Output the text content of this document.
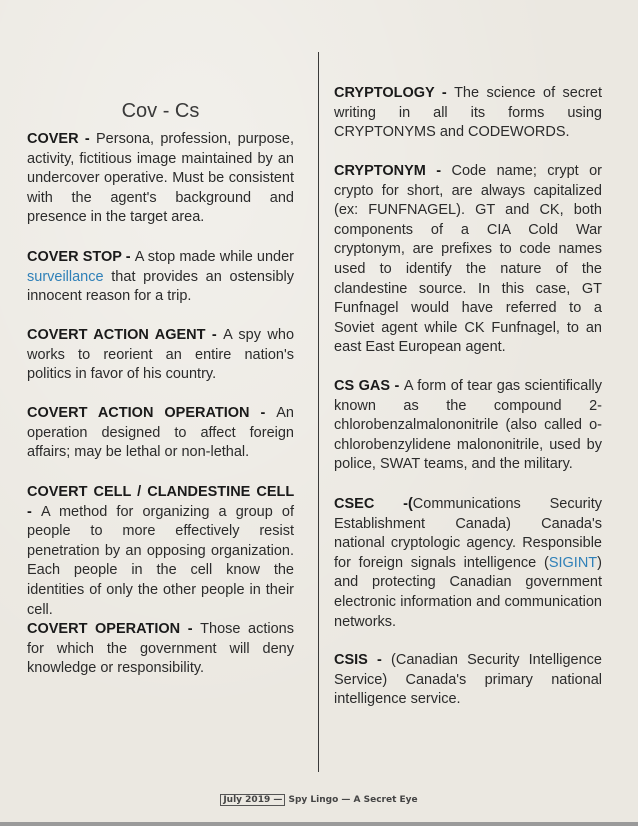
Cov - Cs

COVER - Persona, profession, purpose, activity, fictitious image maintained by an undercover operative. Must be consistent with the agent's background and presence in the target area.

COVER STOP - A stop made while under surveillance that provides an ostensibly innocent reason for a trip.

COVERT ACTION AGENT - A spy who works to reorient an entire nation's politics in favor of his country.

COVERT ACTION OPERATION - An operation designed to affect foreign affairs; may be lethal or non-lethal.

COVERT CELL / CLANDESTINE CELL - A method for organizing a group of people to more effectively resist penetration by an opposing organization. Each people in the cell know the identities of only the other people in their cell.

COVERT OPERATION - Those actions for which the government will deny knowledge or responsibility.

CRYPTOLOGY - The science of secret writing in all its forms using CRYPTONYMS and CODEWORDS.

CRYPTONYM - Code name; crypt or crypto for short, are always capitalized (ex: FUNFNAGEL). GT and CK, both components of a CIA Cold War cryptonym, are prefixes to code names used to identify the nature of the clandestine source. In this case, GT Funfnagel would have referred to a Soviet agent while CK Funfnagel, to an east East European agent.

CS GAS - A form of tear gas scientifically known as the compound 2-chlorobenzalmalononitrile (also called o-chlorobenzylidene malononitrile, used by police, SWAT teams, and the military.

CSEC -(Communications Security Establishment Canada) Canada's national cryptologic agency. Responsible for foreign signals intelligence (SIGINT) and protecting Canadian government electronic information and communication networks.

CSIS - (Canadian Security Intelligence Service) Canada's primary national intelligence service.

July 2019 — Spy Lingo — A Secret Eye
